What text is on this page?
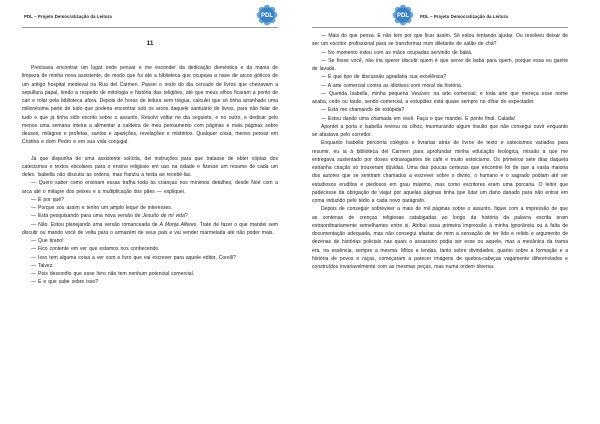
PDL – Projeto Democratização da Leitura	PDL
11

Precisava encontrar um lugar onde pensar e me esconder da dedicação doméstica e da mania de limpeza de minha nova assistente, de modo que fui até a biblioteca que ocupava a nave de arcos góticos de um antigo hospital medieval na Rua del Carmen. Passei o resto do dia cercado de livros que cheiravam a sepultura papal, lendo a respeito de mitologia e história das religiões, até que meus olhos ficaram a ponto de cair e rolar pela biblioteca afora. Depois de horas de leitura sem trégua, calculei que só tinha arranhado uma milionésima parte de tudo que poderia encontrar sob os arcos daquele santuário de livros, para não falar de tudo o que já tinha sido escrito sobre o assunto. Resolvi voltar no dia seguinte, e no outro, e dedicar pelo menos uma semana inteira a alimentar a caldeira de meu pensamento com páginas e mais páginas sobre deuses, milagres e profetas, santos e aparições, revelações e mistérios. Qualquer coisa, menos pensar em Cristina e dom Pedro e em sua vida conjugal.

Já que dispunha de uma assistente solícita, dei instruções para que tratasse de obter cópias dos catecismos e textos escolares para o ensino religioso em uso na cidade e fizesse um resumo de cada um deles. Isabella não discutiu as ordens, mas franziu a testa ao recebê-las.

— Quero saber como ensinam essas trafha toda às crianças nos mínimos detalhes, desde Noé com a arca até o milagre dos peixes e a multiplicação dos pães — expliquei.

— É por quê?

— Porque sou assim e tenho um amplo leque de interesses.

— Está pesquisando para uma nova versão de Jesuíto de mi vida?

— Não. Estou planejando uma versão romanceada de A Monja Alferes. Trate de fazer o que mandei sem discutir ou mando você de volta para o armazém de seus pais e vai vender marmelada até não poder mais.

— Que tirano!

— Fico contente em ver que estamos nos conhecendo.

— Isso tem alguma coisa a ver com o livro que vai escrever para aquele editor, Corelli?

— Talvez.

— Pois desconfio que esse livro não tem nenhum potencial comercial.

— E o que sabe sobre isso?

PDL	PDL – Projeto Democratização da Leitura

— Mais do que pensa. E não tem por que ficar assim. Só estou tentando ajudar. Ou resolveu deixar de ser um escritor profissional para se transformar num diletante de salão de chá?

— No momento estou com as mãos ocupadas servindo de babá.

— Se fosse você, não iria querer discutir quem é que serve de babá para quem, porque essa eu ganho de lavada.

— E que tipo de discussão agradaria sua excelência?

— A arte comercial contra as idiotices com moral da história.

— Querida Isabella, minha pequena Vesúvio: na arte comercial, e toda arte que mereça esse nome acaba, cedo ou tarde, sendo comercial, a estupidez está quase sempre no olhar do espectador.

— Está me chamando de estúpida?

— Estou dando uma chamada em você. Faça o que mandei. E ponto final. Calada!

Apontei a porta e Isabella revirou os olhos, murmurando algum insulto que não consegui ouvir enquanto se afastava pelo corredor.

Enquanto Isabella percorria colégios e livrarias atrás de livros de texto e catecismos variados para resumir, eu ia à biblioteca del Carmen para aprofundar minha educação teológica, missão a que me entregava sustentado por doses extravagantes de café e muito estoicismo. Os primeiros sete dias daquela estranha criação só trouxeram dúvidas. Uma das poucas certezas que encontrei foi de que a vasta maioria dos autores que se sentiram chamados a escrever sobre o divino, o humano e o sagrado podiam até ser estudiosos eruditos e piedosos em grau máximo, mas como escritores eram uma porcaria. O leitor que padecesse da obrigação de viajar por aquelas páginas tinha que lutar um dano danado para não entrar em coma induzido pelo tédio a cada novo parágrafo.

Depois de conseguir sobreviver a mais de mil páginas sobre o assunto, fiquei com a impressão de que as centenas de crenças religiosas catalogadas ao longo da história da palavra escrita eram extraordinariamente semelhantes entre si. Atribuí essa primeira impressão à minha ignorância ou à falta de documentação adequada, mas não consegui afastar de mim a sensação de ter lido e relido o argumento de dezenas de histórias policiais nas quais o assassino podia ser esse ou aquele, mas a mecânica da trama era, na essência, sempre a mesma. Mitos e lendas, tanto sobre divindades, quanto sobre a formação e a história de povos e raças, começaram a parecer imagens de quebra-cabeças vagamente diferenciados e construídos invariavelmente com as mesmas peças, mas numa ordem diversa.
